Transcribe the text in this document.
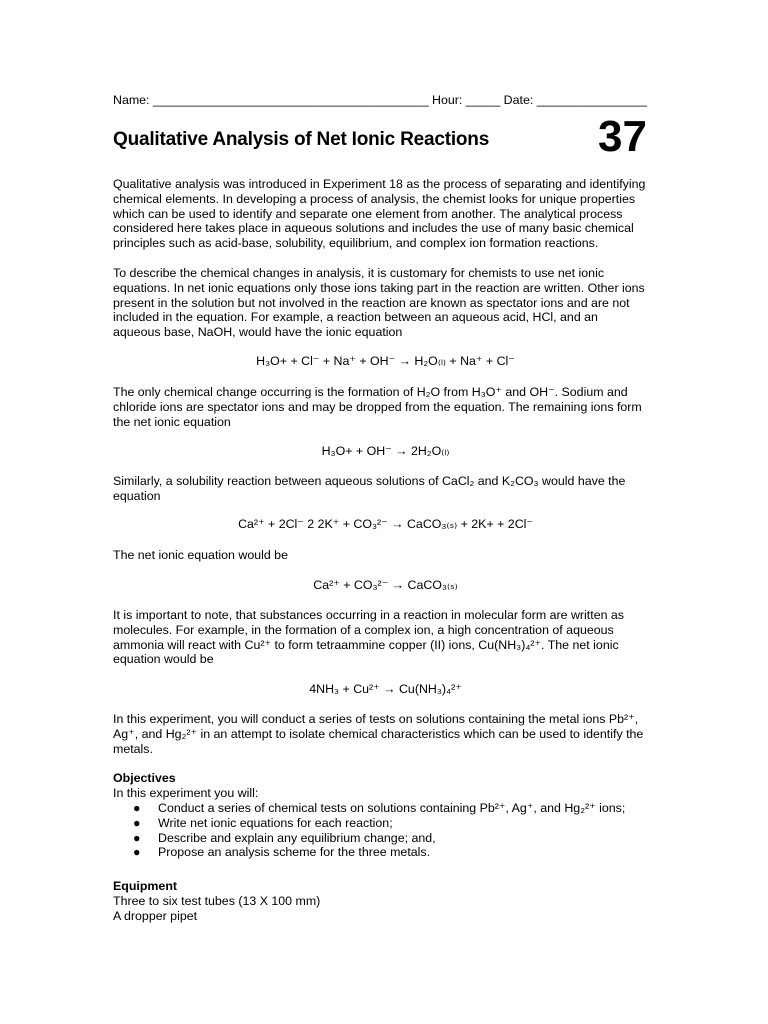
Name: ________________________________________ Hour: _____ Date: ________________
Qualitative Analysis of Net Ionic Reactions 37
Qualitative analysis was introduced in Experiment 18 as the process of separating and identifying
chemical elements. In developing a process of analysis, the chemist looks for unique properties
which can be used to identify and separate one element from another. The analytical process
considered here takes place in aqueous solutions and includes the use of many basic chemical
principles such as acid-base, solubility, equilibrium, and complex ion formation reactions.
To describe the chemical changes in analysis, it is customary for chemists to use net ionic
equations. In net ionic equations only those ions taking part in the reaction are written. Other ions
present in the solution but not involved in the reaction are known as spectator ions and are not
included in the equation. For example, a reaction between an aqueous acid, HCl, and an
aqueous base, NaOH, would have the ionic equation
H₃O+ + Cl⁻ + Na⁺ + OH⁻ → H₂O₍ₗ₎ + Na⁺ + Cl⁻
The only chemical change occurring is the formation of H₂O from H₃O⁺ and OH⁻. Sodium and
chloride ions are spectator ions and may be dropped from the equation. The remaining ions form
the net ionic equation
H₃O+ + OH⁻ → 2H₂O₍ₗ₎
Similarly, a solubility reaction between aqueous solutions of CaCl₂ and K₂CO₃ would have the
equation
Ca²⁺ + 2Cl⁻ 2 2K⁺ + CO₃²⁻ → CaCO₃₍ₛ₎ + 2K+ + 2Cl⁻
The net ionic equation would be
Ca²⁺ + CO₃²⁻ → CaCO₃₍ₛ₎
It is important to note, that substances occurring in a reaction in molecular form are written as
molecules. For example, in the formation of a complex ion, a high concentration of aqueous
ammonia will react with Cu²⁺ to form tetraammine copper (II) ions, Cu(NH₃)₄²⁺. The net ionic
equation would be
4NH₃ + Cu²⁺ → Cu(NH₃)₄²⁺
In this experiment, you will conduct a series of tests on solutions containing the metal ions Pb²⁺,
Ag⁺, and Hg₂²⁺ in an attempt to isolate chemical characteristics which can be used to identify the
metals.
Objectives
In this experiment you will:
● Conduct a series of chemical tests on solutions containing Pb²⁺, Ag⁺, and Hg₂²⁺ ions;
● Write net ionic equations for each reaction;
● Describe and explain any equilibrium change; and,
● Propose an analysis scheme for the three metals.
Equipment
Three to six test tubes (13 X 100 mm)
A dropper pipet
